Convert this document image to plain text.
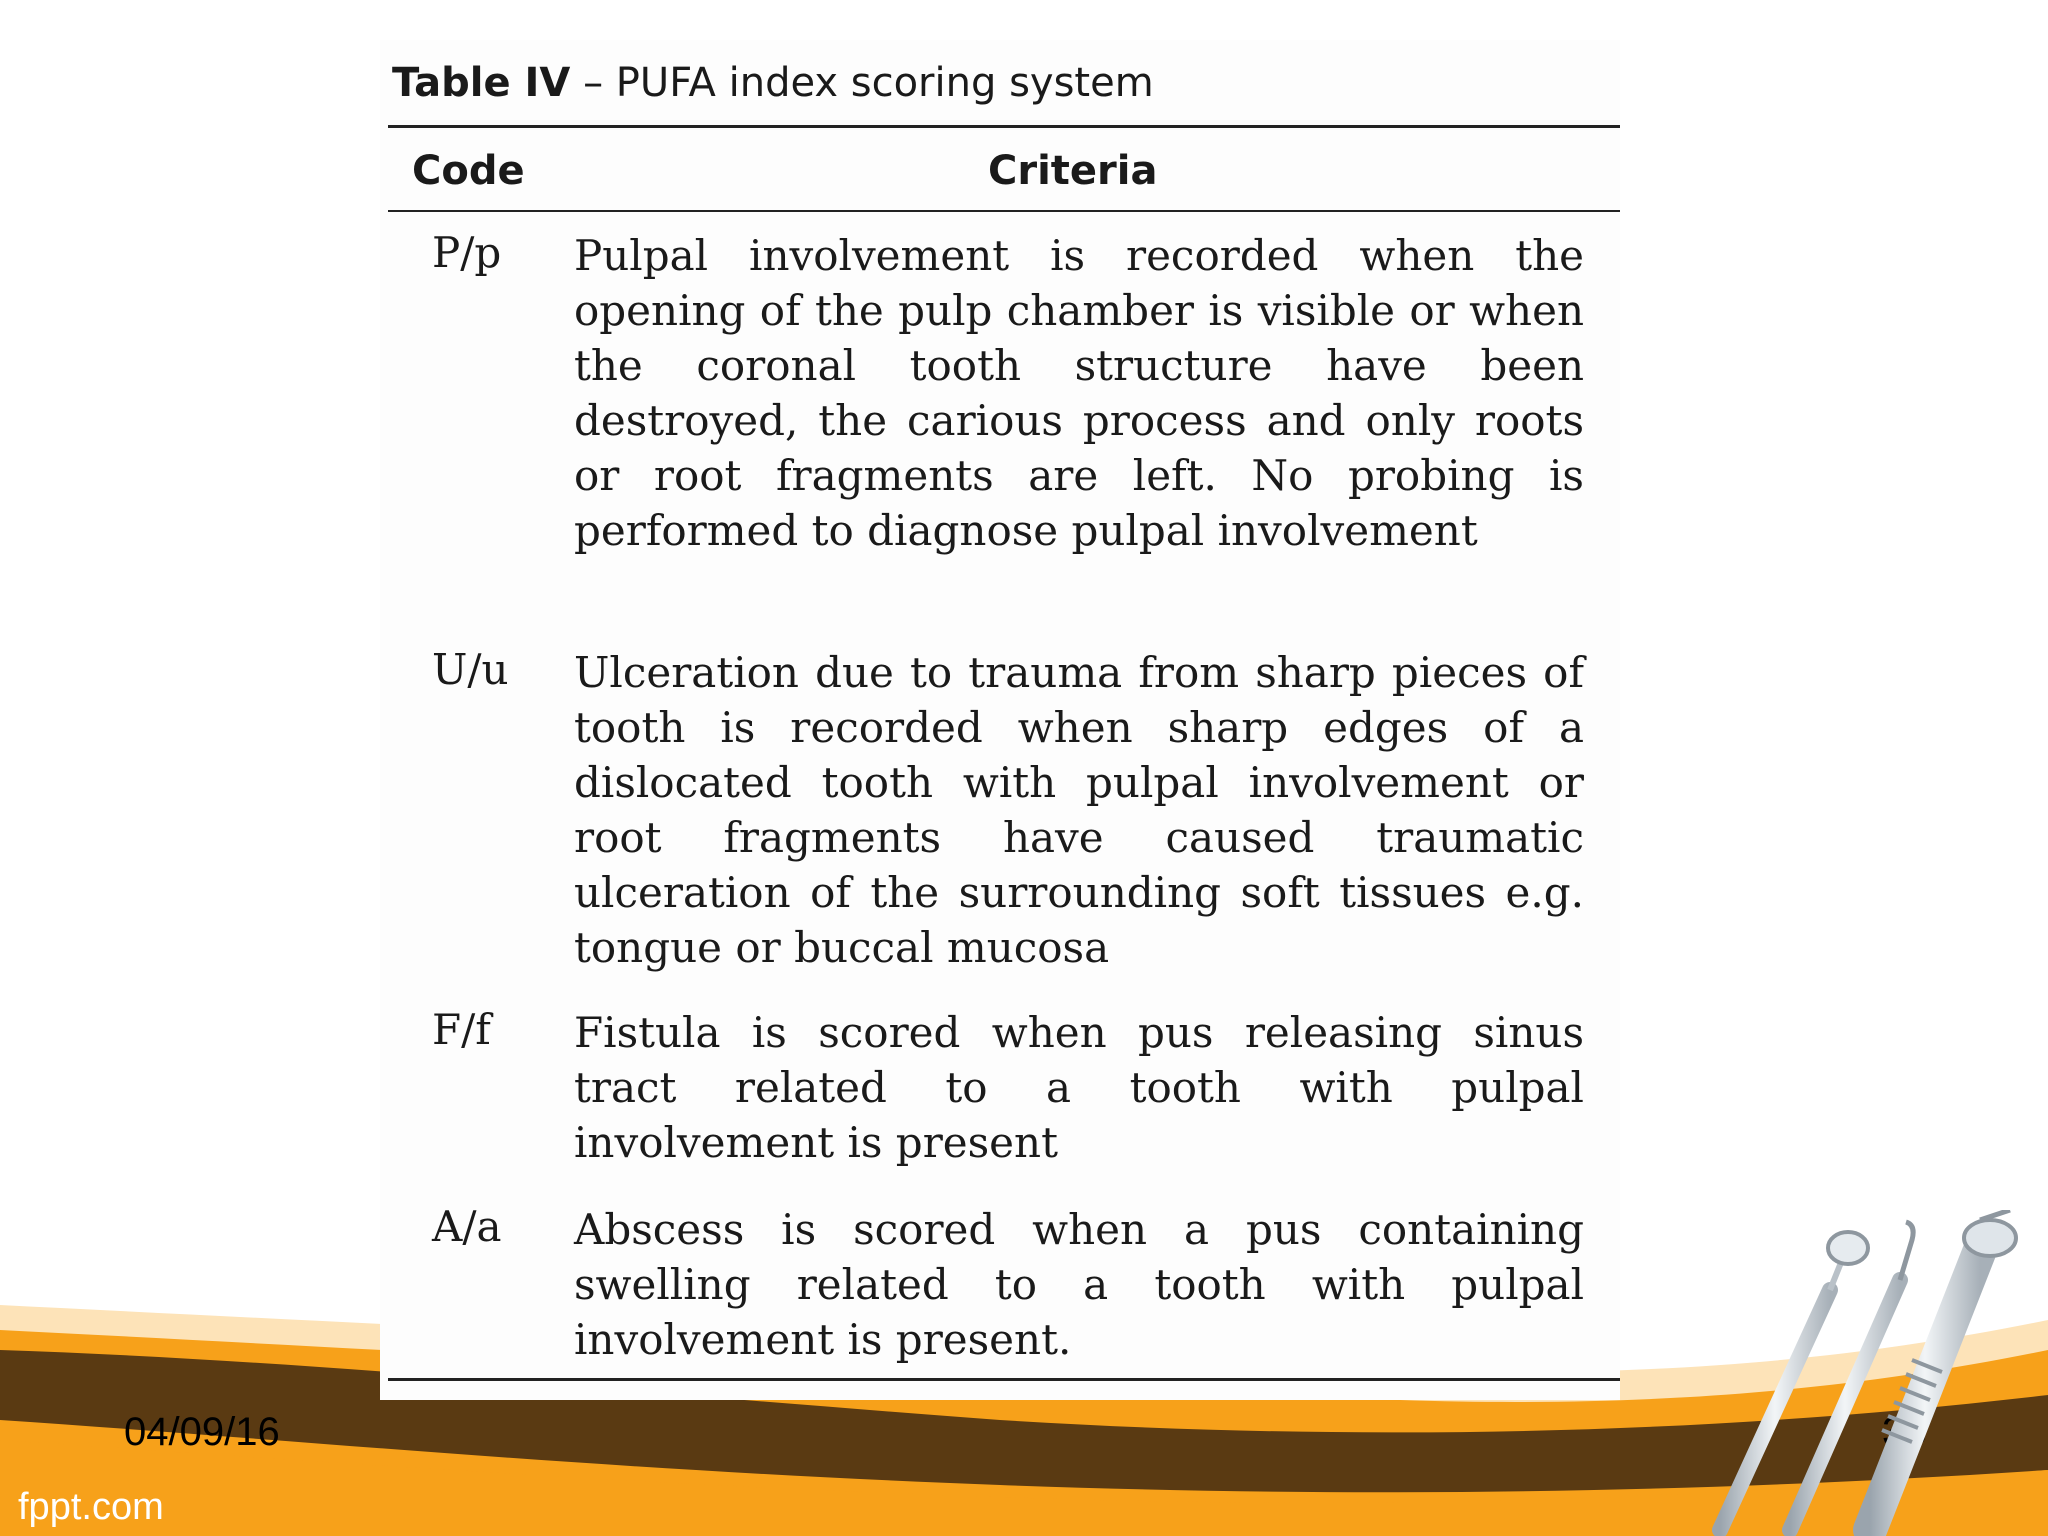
Table IV – PUFA index scoring system
Code	Criteria
P/p Pulpal involvement is recorded when the opening of the pulp chamber is visible or when the coronal tooth structure have been destroyed, the carious process and only roots or root fragments are left. No probing is performed to diagnose pulpal involvement
U/u Ulceration due to trauma from sharp pieces of tooth is recorded when sharp edges of a dislocated tooth with pulpal involvement or root fragments have caused traumatic ulceration of the surrounding soft tissues e.g. tongue or buccal mucosa
F/f Fistula is scored when pus releasing sinus tract related to a tooth with pulpal involvement is present
A/a Abscess is scored when a pus containing swelling related to a tooth with pulpal involvement is present.
04/09/16
fppt.com
